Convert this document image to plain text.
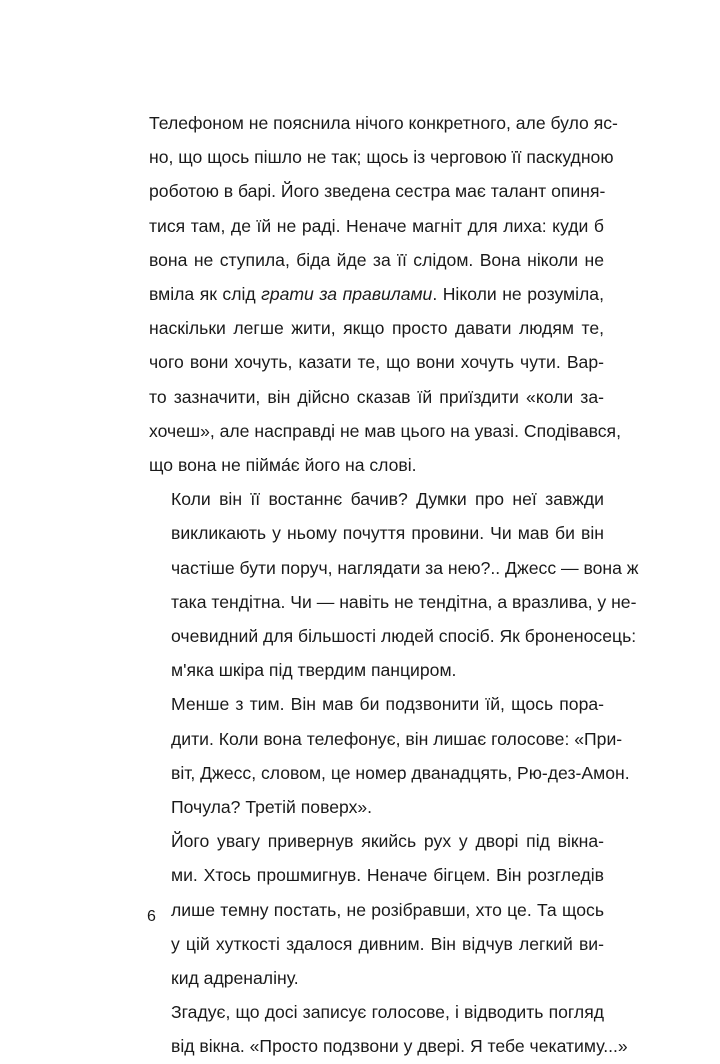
Телефоном не пояснила нічого конкретного, але було яс-
но, що щось пішло не так; щось із черговою її паскудною
роботою в барі. Його зведена сестра має талант опиня-
тися там, де їй не раді. Неначе магніт для лиха: куди б
вона не ступила, біда йде за її слідом. Вона ніколи не
вміла як слід грати за правилами. Ніколи не розуміла,
наскільки легше жити, якщо просто давати людям те,
чого вони хочуть, казати те, що вони хочуть чути. Вар-
то зазначити, він дійсно сказав їй приїздити «коли за-
хочеш», але насправді не мав цього на увазі. Сподівався,
що вона не пійма́є його на слові.

Коли він її востаннє бачив? Думки про неї завжди
викликають у ньому почуття провини. Чи мав би він
частіше бути поруч, наглядати за нею?.. Джесс — вона ж
така тендітна. Чи — навіть не тендітна, а вразлива, у не-
очевидний для більшості людей спосіб. Як броненосець:
м'яка шкіра під твердим панциром.

Менше з тим. Він мав би подзвонити їй, щось пора-
дити. Коли вона телефонує, він лишає голосове: «При-
віт, Джесс, словом, це номер дванадцять, Рю-дез-Амон.
Почула? Третій поверх».

Його увагу привернув якийсь рух у дворі під вікна-
ми. Хтось прошмигнув. Неначе бігцем. Він розгледів
лише темну постать, не розібравши, хто це. Та щось
у цій хуткості здалося дивним. Він відчув легкий ви-
кид адреналіну.

Згадує, що досі записує голосове, і відводить погляд
від вікна. «Просто подзвони у двері. Я тебе чекатиму...»

6
